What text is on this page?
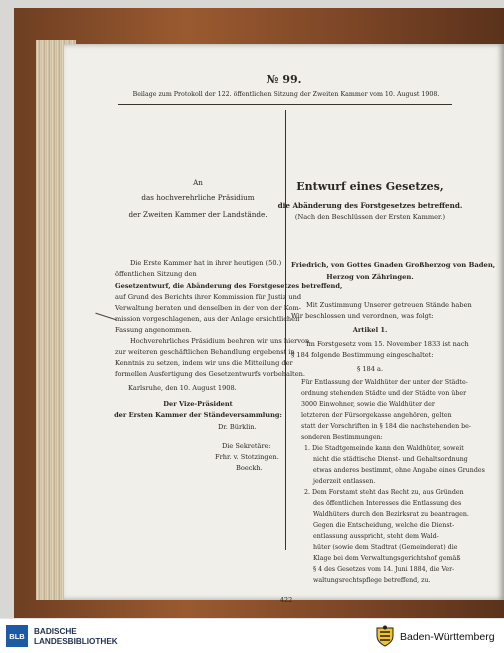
№ 99.
Beilage zum Protokoll der 122. öffentlichen Sitzung der Zweiten Kammer vom 10. August 1908.
An
das hochverehrliche Präsidium
der Zweiten Kammer der Landstände.
Die Erste Kammer hat in ihrer heutigen (50.)
öffentlichen Sitzung den
Gesetzentwurf, die Abänderung des Forstgesetzes betreffend,
auf Grund des Berichts ihrer Kommission für Justiz und
Verwaltung beraten und denselben in der von der Kom-
mission vorgeschlagenen, aus der Anlage ersichtlichen
Fassung angenommen.
Hochverehrliches Präsidium beehren wir uns hiervon
zur weiteren geschäftlichen Behandlung ergebenst in
Kenntnis zu setzen, indem wir uns die Mitteilung der
formellen Ausfertigung des Gesetzentwurfs vorbehalten.
Karlsruhe, den 10. August 1908.
Der Vize-Präsident
der Ersten Kammer der Ständeversammlung:
Dr. Bürklin.
Die Sekretäre:
Frhr. v. Stotzingen.
Boeckh.
Entwurf eines Gesetzes,
die Abänderung des Forstgesetzes betreffend.
(Nach den Beschlüssen der Ersten Kammer.)
Friedrich, von Gottes Gnaden Großherzog von Baden,
Herzog von Zähringen.
Mit Zustimmung Unserer getreuen Stände haben
Wir beschlossen und verordnen, was folgt:
Artikel 1.
Im Forstgesetz vom 15. November 1833 ist nach
§ 184 folgende Bestimmung eingeschaltet:
§ 184 a.
Für Entlassung der Waldhüter der unter der Städte-
ordnung stehenden Städte und der Städte von über
3000 Einwohner, sowie die Waldhüter der
letzteren der Fürsorgekasse angehören, gelten
statt der Vorschriften in § 184 die nachstehenden be-
sonderen Bestimmungen:
1. Die Stadtgemeinde kann den Waldhüter, soweit
nicht die städtische Dienst- und Gehaltsordnung
etwas anderes bestimmt, ohne Angabe eines Grundes
jederzeit entlassen.
2. Dem Forstamt steht das Recht zu, aus Gründen
des öffentlichen Interesses die Entlassung des
Waldhüters durch den Bezirksrat zu beantragen.
Gegen die Entscheidung, welche die Dienst-
entlassung ausspricht, steht dem Wald-
hüter (sowie dem Stadtrat (Gemeinderat) die
Klage bei dem Verwaltungsgerichtshof gemäß
§ 4 des Gesetzes vom 14. Juni 1884, die Ver-
waltungsrechtspflege betreffend, zu.
422
BLB	BADISCHE
LANDESBIBLIOTHEK	Baden-Württemberg
